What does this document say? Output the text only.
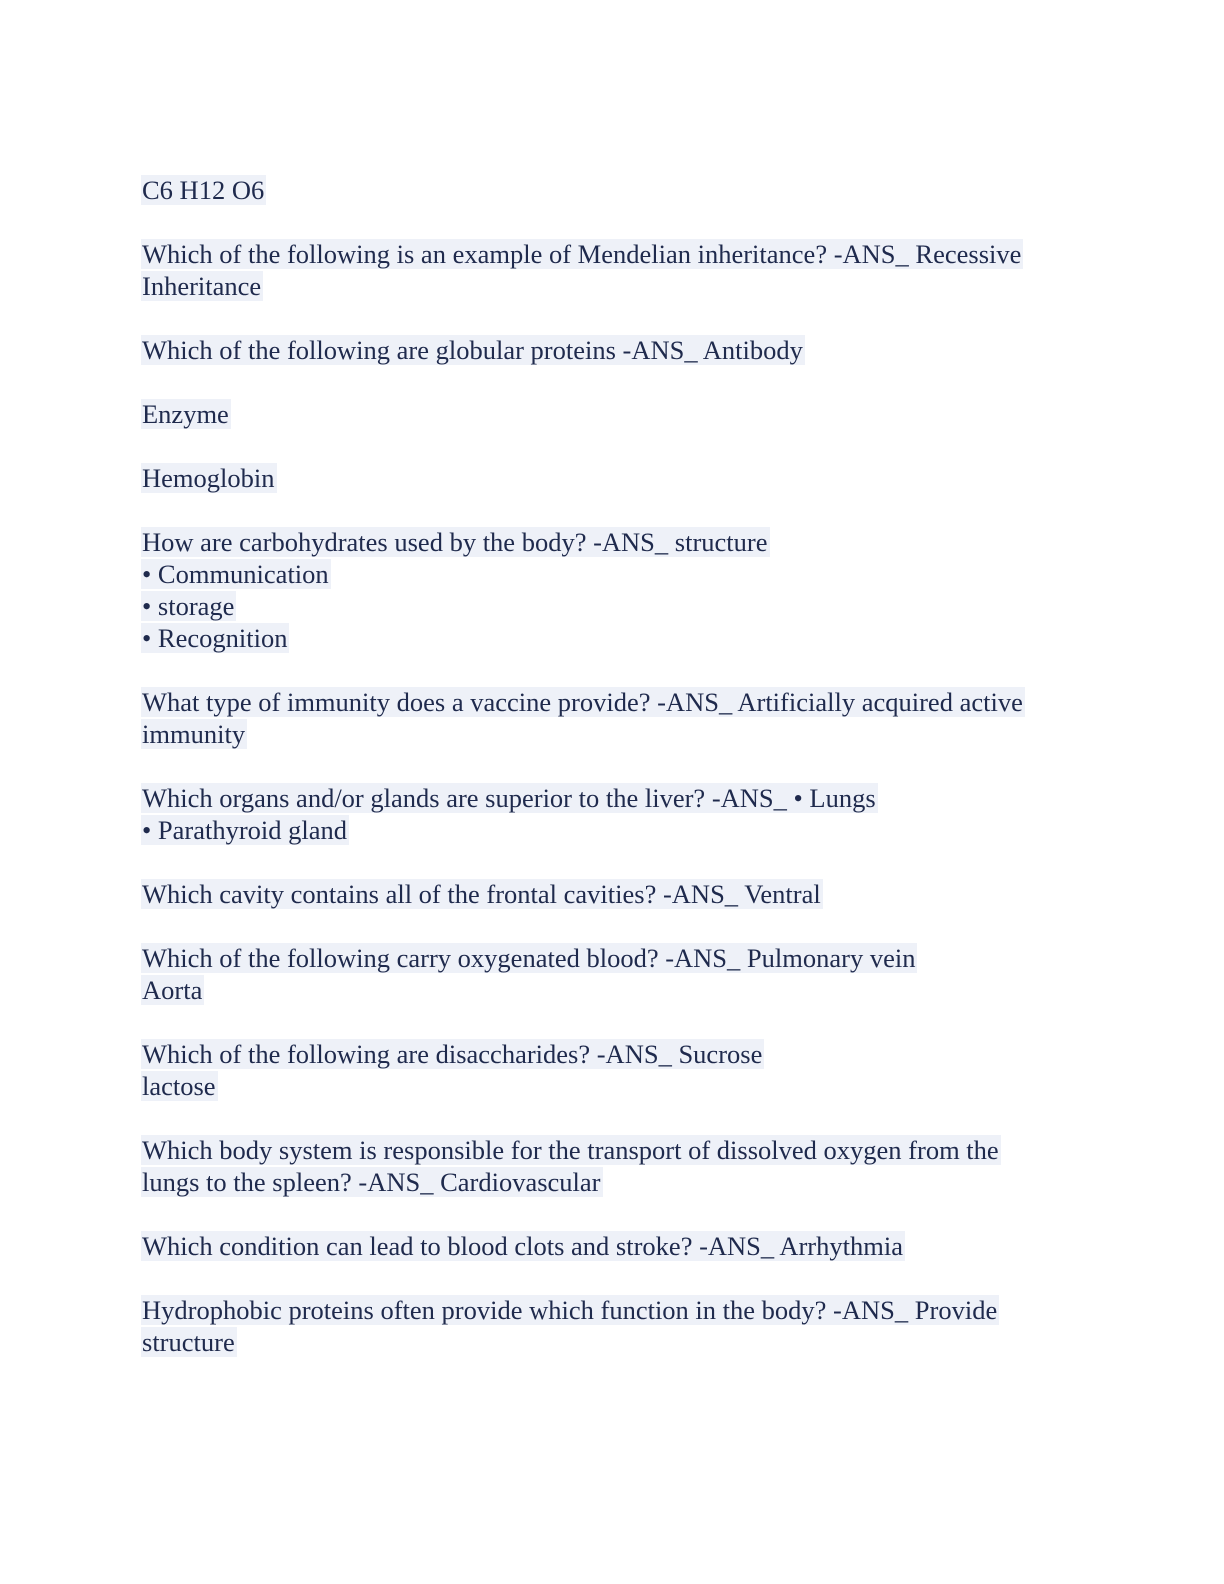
C6 H12 O6
Which of the following is an example of Mendelian inheritance? -ANS_ Recessive
Inheritance
Which of the following are globular proteins -ANS_ Antibody
Enzyme
Hemoglobin
How are carbohydrates used by the body? -ANS_ structure
• Communication
• storage
• Recognition
What type of immunity does a vaccine provide? -ANS_ Artificially acquired active
immunity
Which organs and/or glands are superior to the liver? -ANS_ • Lungs
• Parathyroid gland
Which cavity contains all of the frontal cavities? -ANS_ Ventral
Which of the following carry oxygenated blood? -ANS_ Pulmonary vein
Aorta
Which of the following are disaccharides? -ANS_ Sucrose
lactose
Which body system is responsible for the transport of dissolved oxygen from the
lungs to the spleen? -ANS_ Cardiovascular
Which condition can lead to blood clots and stroke? -ANS_ Arrhythmia
Hydrophobic proteins often provide which function in the body? -ANS_ Provide
structure
